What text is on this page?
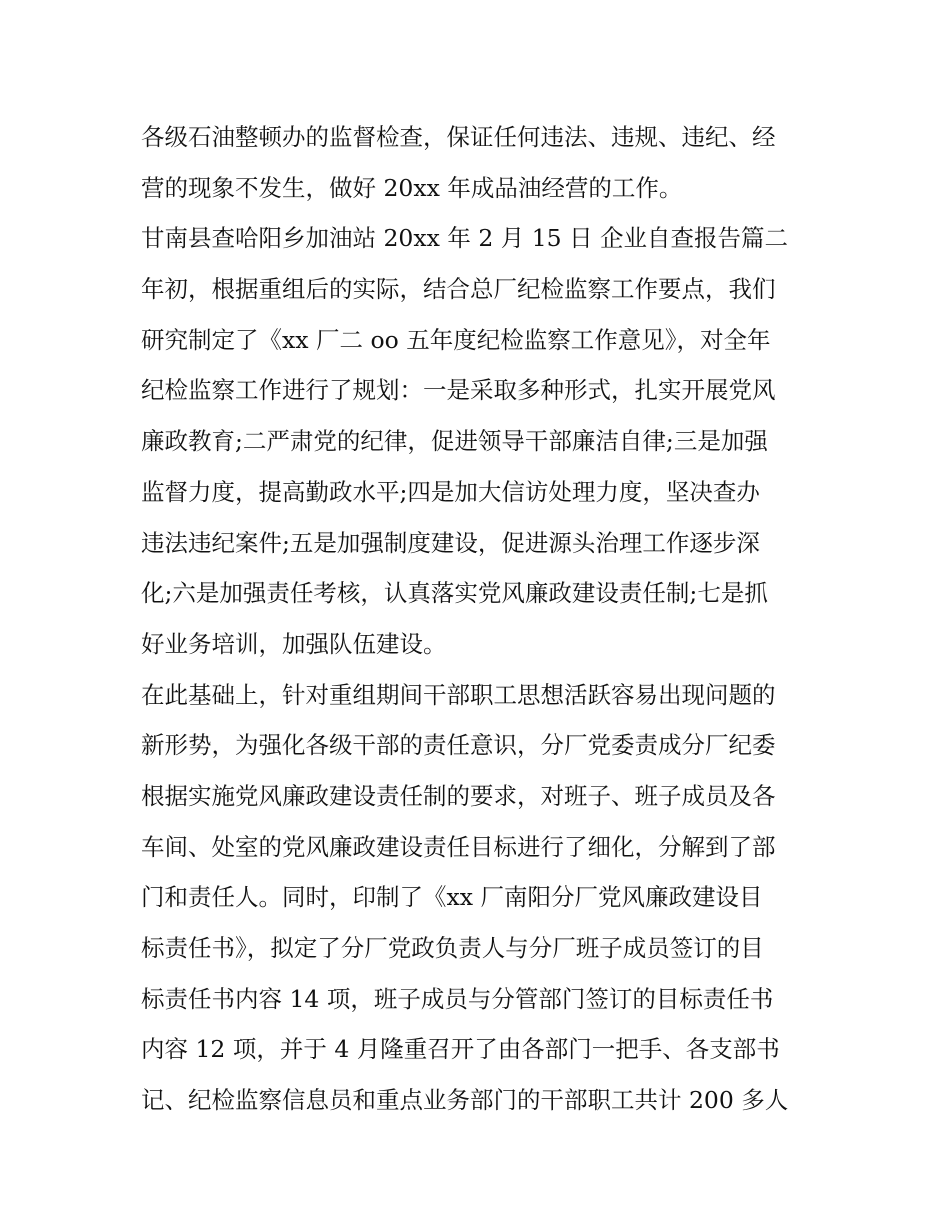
各级石油整顿办的监督检查，保证任何违法、违规、违纪、经
营的现象不发生，做好 20xx 年成品油经营的工作。
甘南县查哈阳乡加油站 20xx 年 2 月 15 日 企业自查报告篇二
年初，根据重组后的实际，结合总厂纪检监察工作要点，我们
研究制定了《xx 厂二 oo 五年度纪检监察工作意见》，对全年
纪检监察工作进行了规划：一是采取多种形式，扎实开展党风
廉政教育;二严肃党的纪律，促进领导干部廉洁自律;三是加强
监督力度，提高勤政水平;四是加大信访处理力度，坚决查办
违法违纪案件;五是加强制度建设，促进源头治理工作逐步深
化;六是加强责任考核，认真落实党风廉政建设责任制;七是抓
好业务培训，加强队伍建设。
在此基础上，针对重组期间干部职工思想活跃容易出现问题的
新形势，为强化各级干部的责任意识，分厂党委责成分厂纪委
根据实施党风廉政建设责任制的要求，对班子、班子成员及各
车间、处室的党风廉政建设责任目标进行了细化，分解到了部
门和责任人。同时，印制了《xx 厂南阳分厂党风廉政建设目
标责任书》，拟定了分厂党政负责人与分厂班子成员签订的目
标责任书内容 14 项，班子成员与分管部门签订的目标责任书
内容 12 项，并于 4 月隆重召开了由各部门一把手、各支部书
记、纪检监察信息员和重点业务部门的干部职工共计 200 多人
